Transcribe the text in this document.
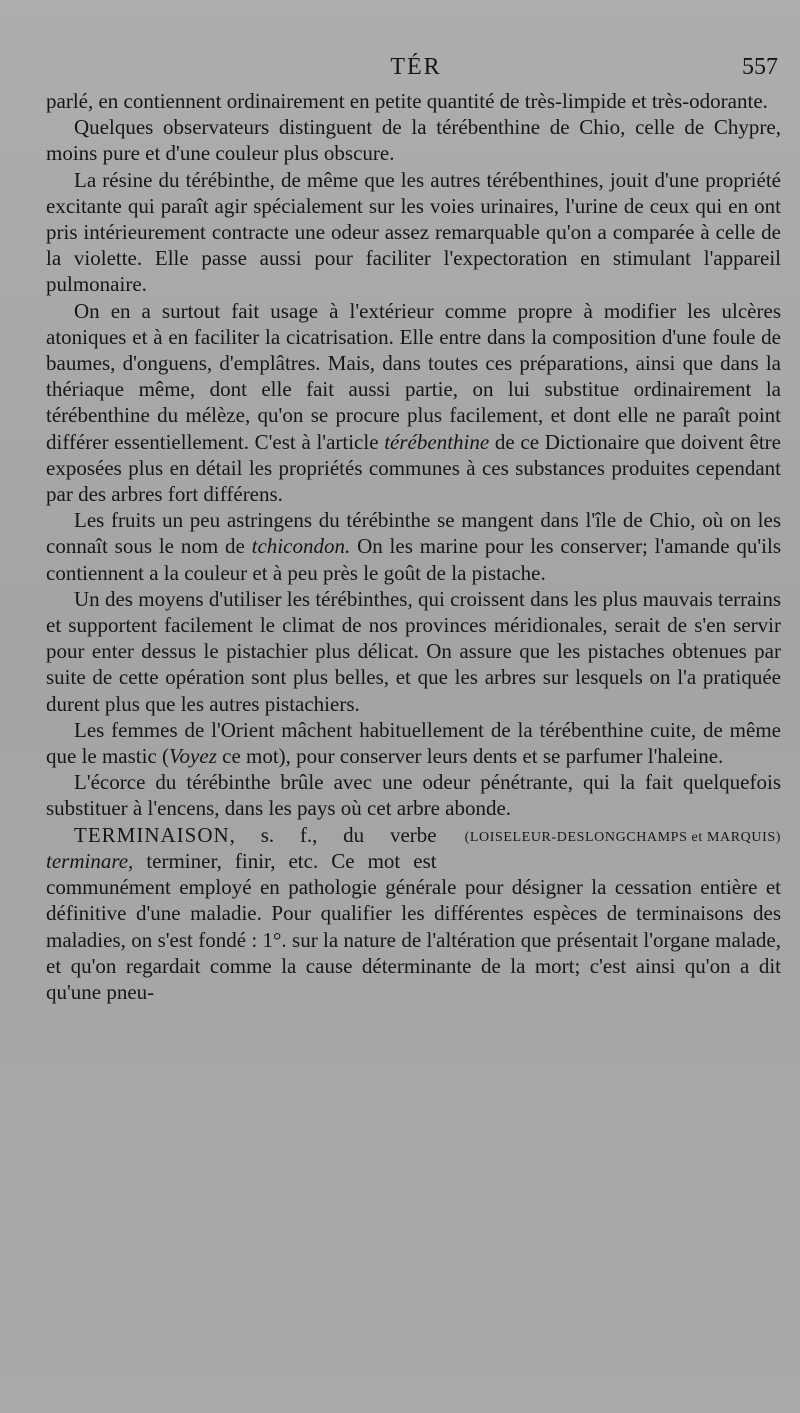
TÉR	557

parlé, en contiennent ordinairement en petite quantité de très-limpide et très-odorante.

Quelques observateurs distinguent de la térébenthine de Chio, celle de Chypre, moins pure et d'une couleur plus obscure.

La résine du térébinthe, de même que les autres térébenthines, jouit d'une propriété excitante qui paraît agir spécialement sur les voies urinaires, l'urine de ceux qui en ont pris intérieurement contracte une odeur assez remarquable qu'on a comparée à celle de la violette. Elle passe aussi pour faciliter l'expectoration en stimulant l'appareil pulmonaire.

On en a surtout fait usage à l'extérieur comme propre à modifier les ulcères atoniques et à en faciliter la cicatrisation. Elle entre dans la composition d'une foule de baumes, d'onguens, d'emplâtres. Mais, dans toutes ces préparations, ainsi que dans la thériaque même, dont elle fait aussi partie, on lui substitue ordinairement la térébenthine du mélèze, qu'on se procure plus facilement, et dont elle ne paraît point différer essentiellement. C'est à l'article térébenthine de ce Dictionaire que doivent être exposées plus en détail les propriétés communes à ces substances produites cependant par des arbres fort différens.

Les fruits un peu astringens du térébinthe se mangent dans l'île de Chio, où on les connaît sous le nom de tchicondon. On les marine pour les conserver; l'amande qu'ils contiennent a la couleur et à peu près le goût de la pistache.

Un des moyens d'utiliser les térébinthes, qui croissent dans les plus mauvais terrains et supportent facilement le climat de nos provinces méridionales, serait de s'en servir pour enter dessus le pistachier plus délicat. On assure que les pistaches obtenues par suite de cette opération sont plus belles, et que les arbres sur lesquels on l'a pratiquée durent plus que les autres pistachiers.

Les femmes de l'Orient mâchent habituellement de la térébenthine cuite, de même que le mastic (Voyez ce mot), pour conserver leurs dents et se parfumer l'haleine.

L'écorce du térébinthe brûle avec une odeur pénétrante, qui la fait quelquefois substituer à l'encens, dans les pays où cet arbre abonde.
(LOISELEUR-DESLONGCHAMPS et MARQUIS)

TERMINAISON, s. f., du verbe terminare, terminer, finir, etc. Ce mot est communément employé en pathologie générale pour désigner la cessation entière et définitive d'une maladie. Pour qualifier les différentes espèces de terminaisons des maladies, on s'est fondé : 1°. sur la nature de l'altération que présentait l'organe malade, et qu'on regardait comme la cause déterminante de la mort; c'est ainsi qu'on a dit qu'une pneu-
